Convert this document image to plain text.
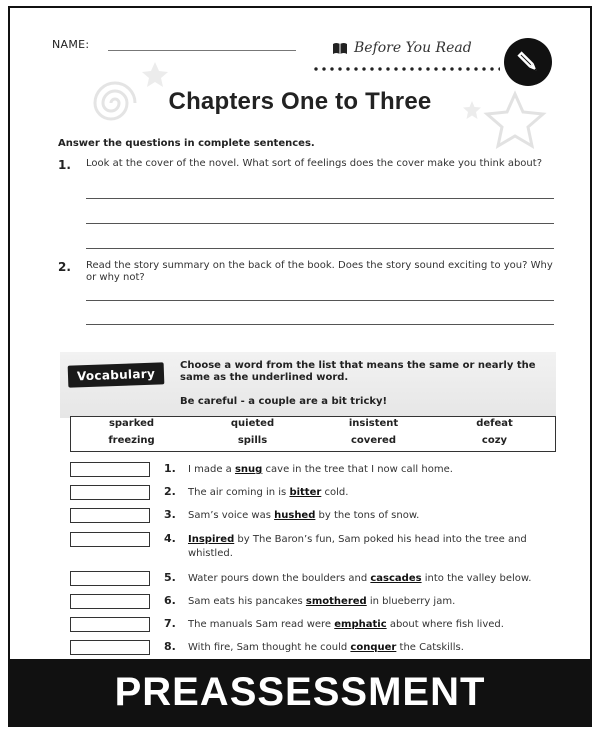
NAME:	Before You Read
Chapters One to Three
Answer the questions in complete sentences.
1. Look at the cover of the novel. What sort of feelings does the cover make you think about?
2. Read the story summary on the back of the book. Does the story sound exciting to you? Why or why not?
Vocabulary
Choose a word from the list that means the same or nearly the same as the underlined word.
Be careful - a couple are a bit tricky!
sparked	quieted	insistent	defeat
freezing	spills	covered	cozy
1. I made a snug cave in the tree that I now call home.
2. The air coming in is bitter cold.
3. Sam’s voice was hushed by the tons of snow.
4. Inspired by The Baron’s fun, Sam poked his head into the tree and whistled.
5. Water pours down the boulders and cascades into the valley below.
6. Sam eats his pancakes smothered in blueberry jam.
7. The manuals Sam read were emphatic about where fish lived.
8. With fire, Sam thought he could conquer the Catskills.
PREASSESSMENT
